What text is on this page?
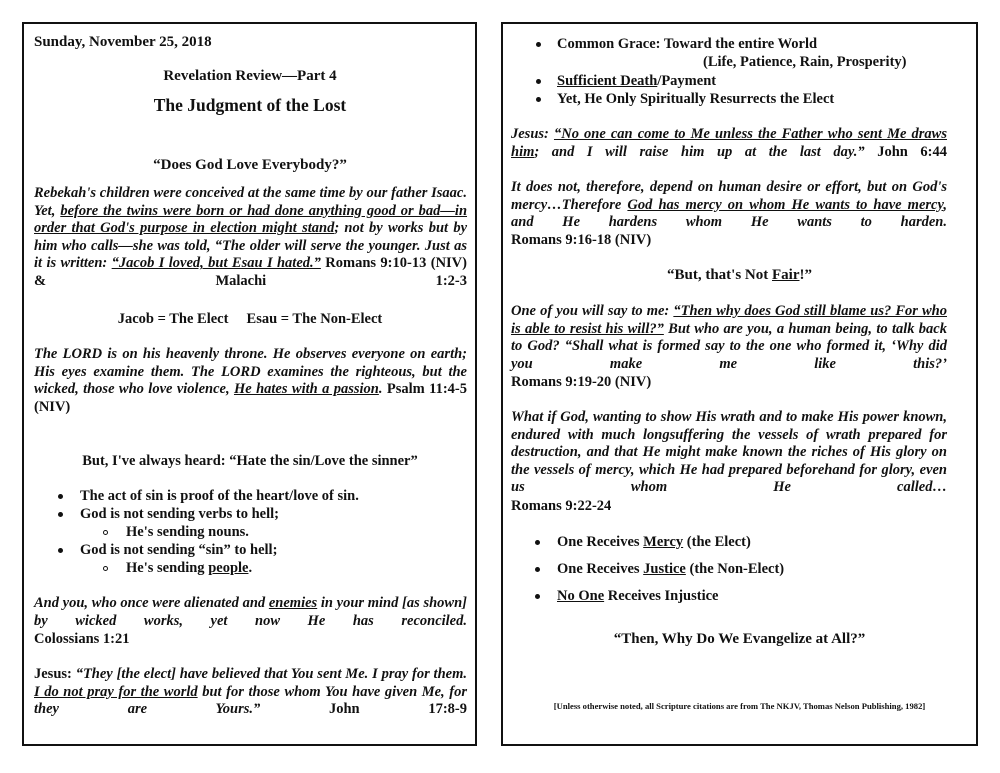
Sunday, November 25, 2018
Revelation Review—Part 4
The Judgment of the Lost
“Does God Love Everybody?”
Rebekah's children were conceived at the same time by our father Isaac. Yet, before the twins were born or had done anything good or bad—in order that God's purpose in election might stand; not by works but by him who calls—she was told, “The older will serve the younger. Just as it is written: “Jacob I loved, but Esau I hated.” Romans 9:10-13 (NIV) & Malachi 1:2-3
Jacob = The Elect     Esau = The Non-Elect
The LORD is on his heavenly throne. He observes everyone on earth; His eyes examine them. The LORD examines the righteous, but the wicked, those who love violence, He hates with a passion. Psalm 11:4-5 (NIV)
But, I've always heard: “Hate the sin/Love the sinner”
The act of sin is proof of the heart/love of sin.
God is not sending verbs to hell;
He's sending nouns.
God is not sending “sin” to hell;
He's sending people.
And you, who once were alienated and enemies in your mind [as shown] by wicked works, yet now He has reconciled.
Colossians 1:21
Jesus: “They [the elect] have believed that You sent Me. I pray for them. I do not pray for the world but for those whom You have given Me, for they are Yours.” John 17:8-9
Common Grace: Toward the entire World
(Life, Patience, Rain, Prosperity)
Sufficient Death/Payment
Yet, He Only Spiritually Resurrects the Elect
Jesus: “No one can come to Me unless the Father who sent Me draws him; and I will raise him up at the last day.” John 6:44
It does not, therefore, depend on human desire or effort, but on God's mercy…Therefore God has mercy on whom He wants to have mercy, and He hardens whom He wants to harden.
Romans 9:16-18 (NIV)
“But, that's Not Fair!”
One of you will say to me: “Then why does God still blame us? For who is able to resist his will?” But who are you, a human being, to talk back to God? “Shall what is formed say to the one who formed it, ‘Why did you make me like this?’
Romans 9:19-20 (NIV)
What if God, wanting to show His wrath and to make His power known, endured with much longsuffering the vessels of wrath prepared for destruction, and that He might make known the riches of His glory on the vessels of mercy, which He had prepared beforehand for glory, even us whom He called…
Romans 9:22-24
One Receives Mercy (the Elect)
One Receives Justice (the Non-Elect)
No One Receives Injustice
“Then, Why Do We Evangelize at All?”
[Unless otherwise noted, all Scripture citations are from The NKJV, Thomas Nelson Publishing, 1982]
